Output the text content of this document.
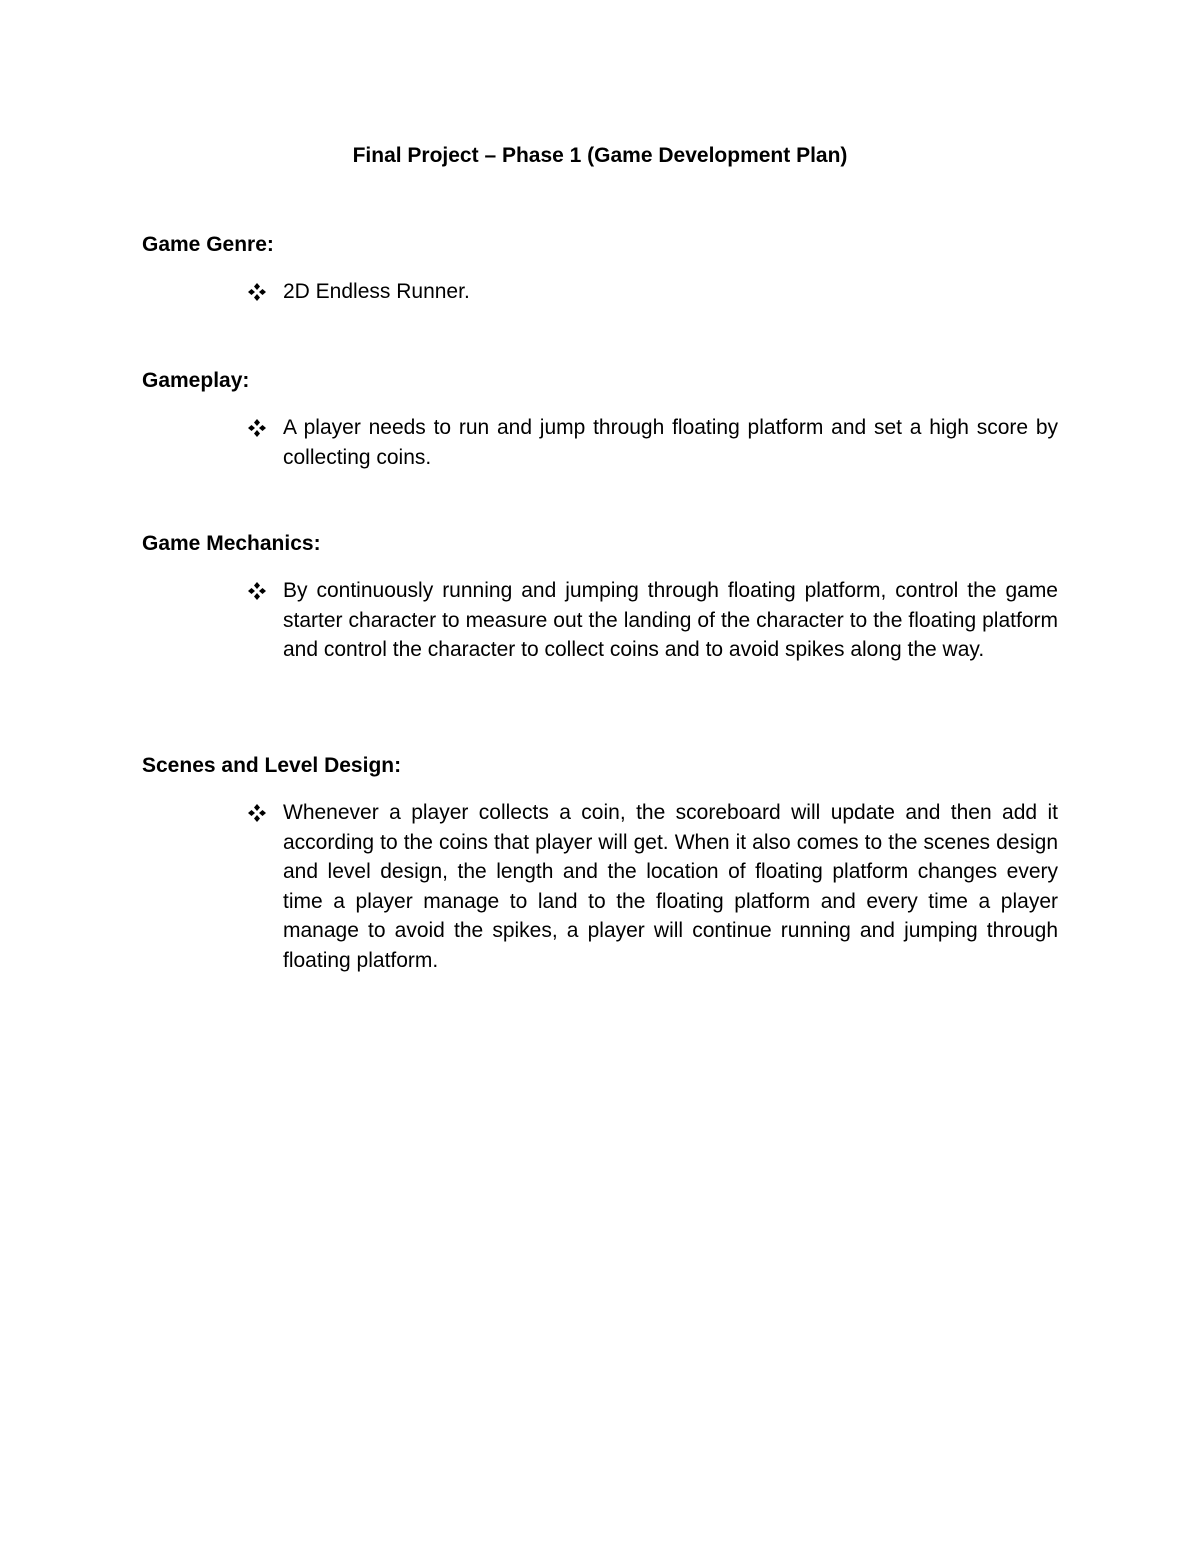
Final Project – Phase 1 (Game Development Plan)

Game Genre:

2D Endless Runner.

Gameplay:

A player needs to run and jump through floating platform and set a high score by collecting coins.

Game Mechanics:

By continuously running and jumping through floating platform, control the game starter character to measure out the landing of the character to the floating platform and control the character to collect coins and to avoid spikes along the way.

Scenes and Level Design:

Whenever a player collects a coin, the scoreboard will update and then add it according to the coins that player will get. When it also comes to the scenes design and level design, the length and the location of floating platform changes every time a player manage to land to the floating platform and every time a player manage to avoid the spikes, a player will continue running and jumping through floating platform.
